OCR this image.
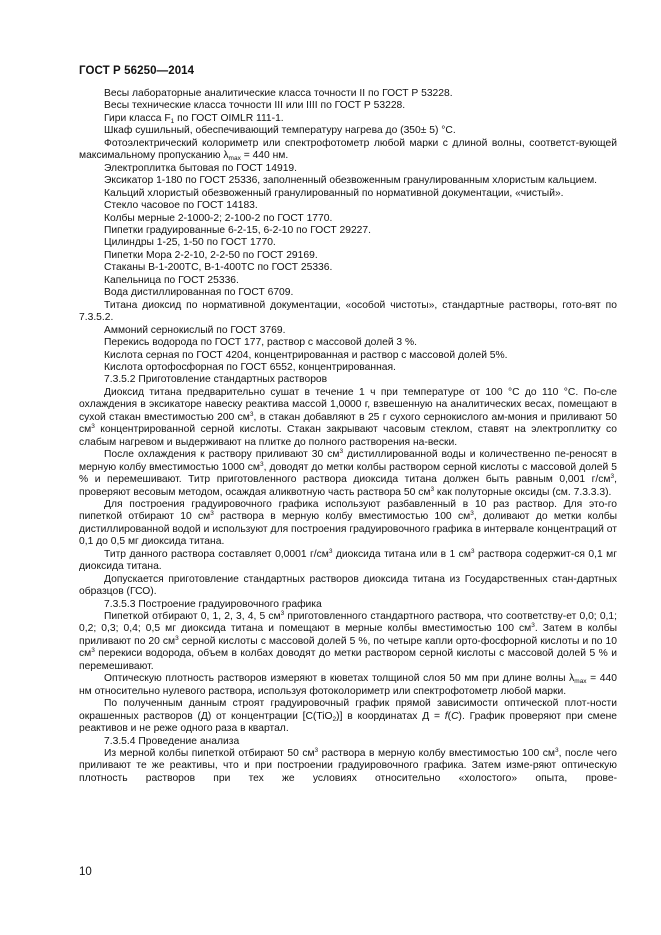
ГОСТ Р 56250—2014

Весы лабораторные аналитические класса точности II по ГОСТ Р 53228.

Весы технические класса точности III или IIII по ГОСТ Р 53228.

Гири класса $F_1$ по ГОСТ OIMLR 111-1.

Шкаф сушильный, обеспечивающий температуру нагрева до (350± 5) °С.

Фотоэлектрический колориметр или спектрофотометр любой марки с длиной волны, соответст-вующей максимальному пропусканию $\lambda_{max} = 440$ нм.

Электроплитка бытовая по ГОСТ 14919.

Эксикатор 1-180 по ГОСТ 25336, заполненный обезвоженным гранулированным хлористым кальцием.

Кальций хлористый обезвоженный гранулированный по нормативной документации, «чистый».

Стекло часовое по ГОСТ 14183.

Колбы мерные 2-1000-2; 2-100-2 по ГОСТ 1770.

Пипетки градуированные 6-2-15, 6-2-10 по ГОСТ 29227.

Цилиндры 1-25, 1-50 по ГОСТ 1770.

Пипетки Мора 2-2-10, 2-2-50 по ГОСТ 29169.

Стаканы В-1-200ТС, В-1-400ТС по ГОСТ 25336.

Капельница по ГОСТ 25336.

Вода дистиллированная по ГОСТ 6709.

Титана диоксид по нормативной документации, «особой чистоты», стандартные растворы, гото-вят по 7.3.5.2.

Аммоний сернокислый по ГОСТ 3769.

Перекись водорода по ГОСТ 177, раствор с массовой долей 3 %.

Кислота серная по ГОСТ 4204, концентрированная и раствор с массовой долей 5%.

Кислота ортофосфорная по ГОСТ 6552, концентрированная.

7.3.5.2 Приготовление стандартных растворов

Диоксид титана предварительно сушат в течение 1 ч при температуре от 100 °С до 110 °С. По-сле охлаждения в эксикаторе навеску реактива массой 1,0000 г, взвешенную на аналитических весах, помещают в сухой стакан вместимостью 200 $см^3$, в стакан добавляют в 25 г сухого сернокислого ам-мония и приливают 50 $см^3$ концентрированной серной кислоты. Стакан закрывают часовым стеклом, ставят на электроплитку со слабым нагревом и выдерживают на плитке до полного растворения на-вески.

После охлаждения к раствору приливают 30 $см^3$ дистиллированной воды и количественно пе-реносят в мерную колбу вместимостью 1000 $см^3$, доводят до метки колбы раствором серной кислоты с массовой долей 5 % и перемешивают. Титр приготовленного раствора диоксида титана должен быть равным 0,001 $г/см^3$, проверяют весовым методом, осаждая аликвотную часть раствора 50 $см^3$ как полуторные оксиды (см. 7.3.3.3).

Для построения градуировочного графика используют разбавленный в 10 раз раствор. Для это-го пипеткой отбирают 10 $см^3$ раствора в мерную колбу вместимостью 100 $см^3$, доливают до метки колбы дистиллированной водой и используют для построения градуировочного графика в интервале концентраций от 0,1 до 0,5 мг диоксида титана.

Титр данного раствора составляет 0,0001 $г/см^3$ диоксида титана или в 1 $см^3$ раствора содержит-ся 0,1 мг диоксида титана.

Допускается приготовление стандартных растворов диоксида титана из Государственных стан-дартных образцов (ГСО).

7.3.5.3 Построение градуировочного графика

Пипеткой отбирают 0, 1, 2, 3, 4, 5 $см^3$ приготовленного стандартного раствора, что соответству-ет 0,0; 0,1; 0,2; 0,3; 0,4; 0,5 мг диоксида титана и помещают в мерные колбы вместимостью 100 $см^3$. Затем в колбы приливают по 20 $см^3$ серной кислоты с массовой долей 5 %, по четыре капли орто-фосфорной кислоты и по 10 $см^3$ перекиси водорода, объем в колбах доводят до метки раствором серной кислоты с массовой долей 5 % и перемешивают.

Оптическую плотность растворов измеряют в кюветах толщиной слоя 50 мм при длине волны $\lambda_{max} = 440$ нм относительно нулевого раствора, используя фотоколориметр или спектрофотометр любой марки.

По полученным данным строят градуировочный график прямой зависимости оптической плот-ности окрашенных растворов (Д) от концентрации [С(TiO$_2$)] в координатах Д = f(С). График проверяют при смене реактивов и не реже одного раза в квартал.

7.3.5.4 Проведение анализа

Из мерной колбы пипеткой отбирают 50 $см^3$ раствора в мерную колбу вместимостью 100 $см^3$, после чего приливают те же реактивы, что и при построении градуировочного графика. Затем изме-ряют оптическую плотность растворов при тех же условиях относительно «холостого» опыта, прове-

10
